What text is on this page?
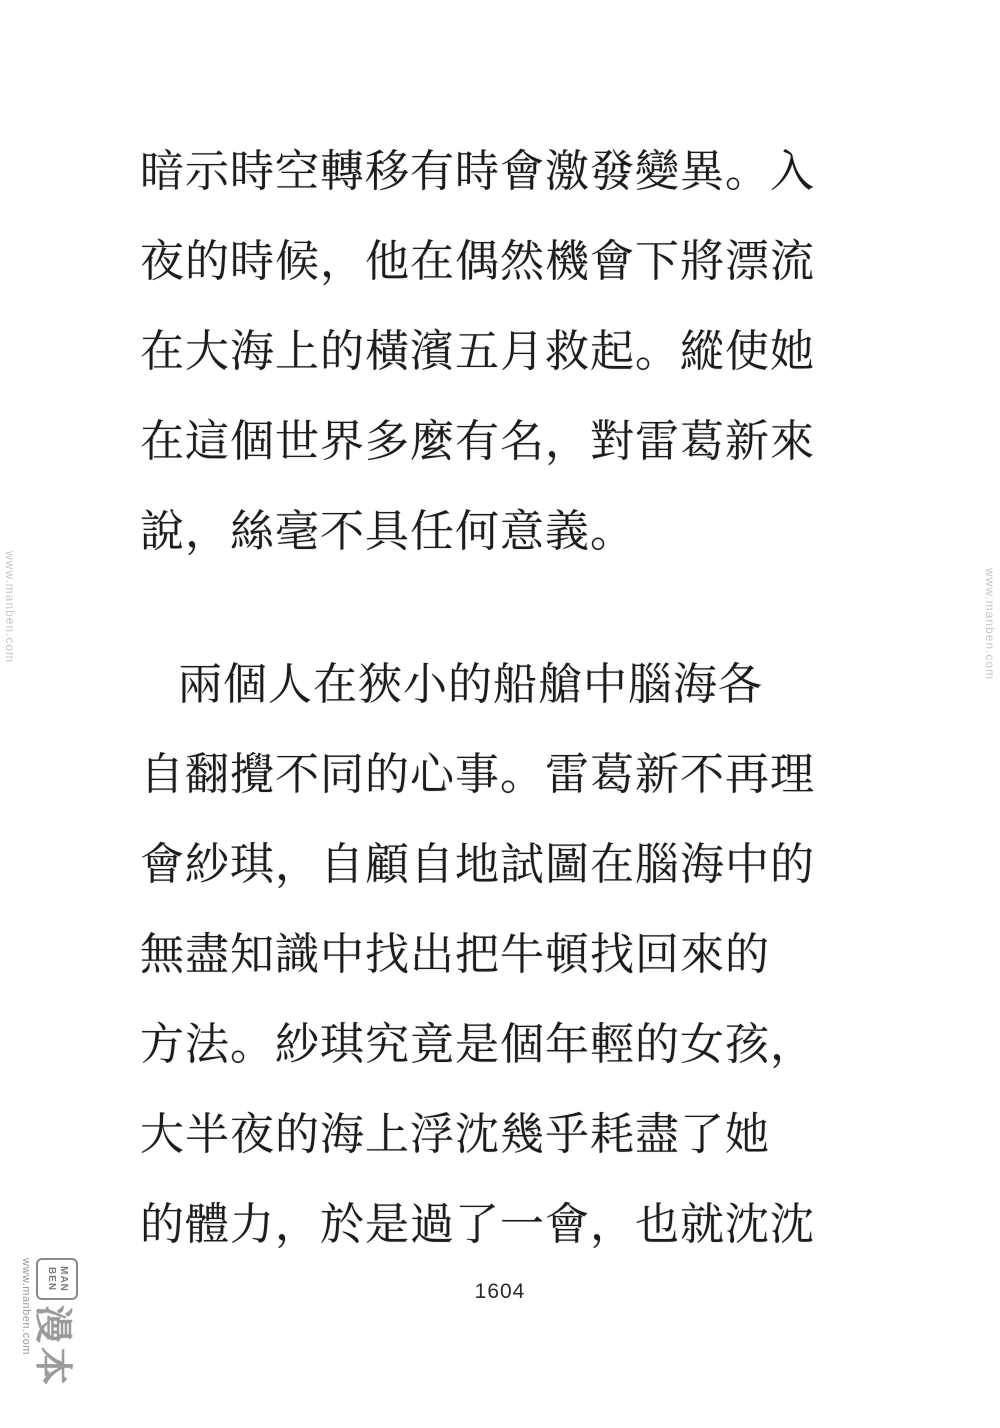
暗示時空轉移有時會激發變異。入
夜的時候，他在偶然機會下將漂流
在大海上的橫濱五月救起。縱使她
在這個世界多麼有名，對雷葛新來
說，絲毫不具任何意義。
兩個人在狹小的船艙中腦海各
自翻攪不同的心事。雷葛新不再理
會紗琪，自顧自地試圖在腦海中的
無盡知識中找出把牛頓找回來的
方法。紗琪究竟是個年輕的女孩，
大半夜的海上浮沈幾乎耗盡了她
的體力，於是過了一會，也就沈沈
1604
www.manben.com	www.manben.com
MAN
BEN
漫本
www.manben.com
